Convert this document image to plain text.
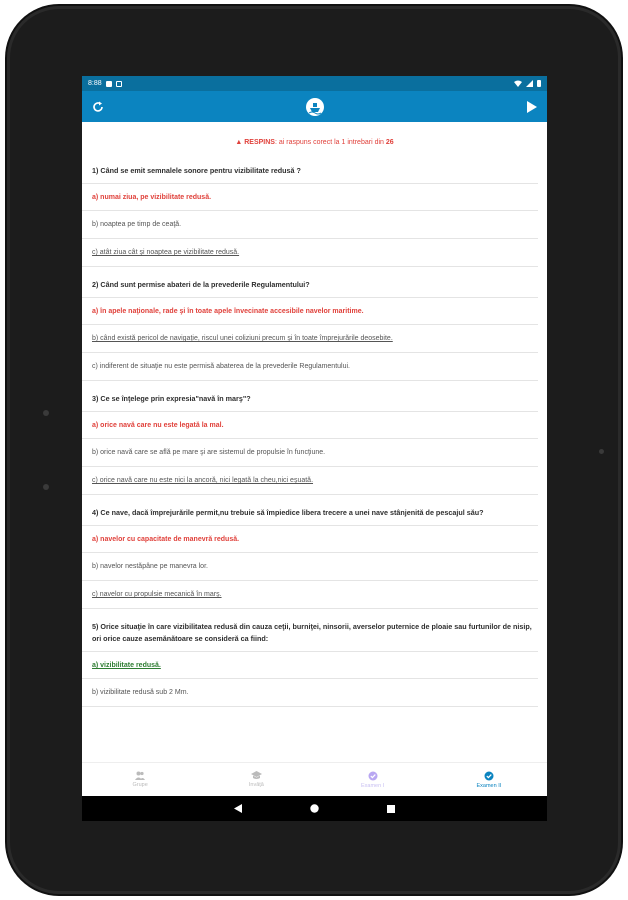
8:88
▲ RESPINS: ai raspuns corect la 1 intrebari din 26
1) Când se emit semnalele sonore pentru vizibilitate redusă ?
a) numai ziua, pe vizibilitate redusă.
b) noaptea pe timp de ceaţă.
c) atât ziua cât şi noaptea pe vizibilitate redusă.
2) Când sunt permise abateri de la prevederile Regulamentului?
a) în apele naţionale, rade şi în toate apele învecinate accesibile navelor maritime.
b) când există pericol de navigaţie, riscul unei coliziuni precum şi în toate împrejurările deosebite.
c) indiferent de situaţie nu este permisă abaterea de la prevederile Regulamentului.
3) Ce se înţelege prin expresia"navă în marş"?
a) orice navă care nu este legată la mal.
b) orice navă care se află pe mare şi are sistemul de propulsie în funcţiune.
c) orice navă care nu este nici la ancoră, nici legată la cheu,nici eşuată.
4) Ce nave, dacă împrejurările permit,nu trebuie să împiedice libera trecere a unei nave stânjenită de pescajul său?
a) navelor cu capacitate de manevră redusă.
b) navelor nestăpâne pe manevra lor.
c) navelor cu propulsie mecanică în marş.
5) Orice situaţie în care vizibilitatea redusă din cauza ceţii, burniţei, ninsorii, averselor puternice de ploaie sau furtunilor de nisip, ori orice cauze asemănătoare se consideră ca fiind:
a) vizibilitate redusă.
b) vizibilitate redusă sub 2 Mm.
Grupe	Invăţă	Examen I	Examen II
